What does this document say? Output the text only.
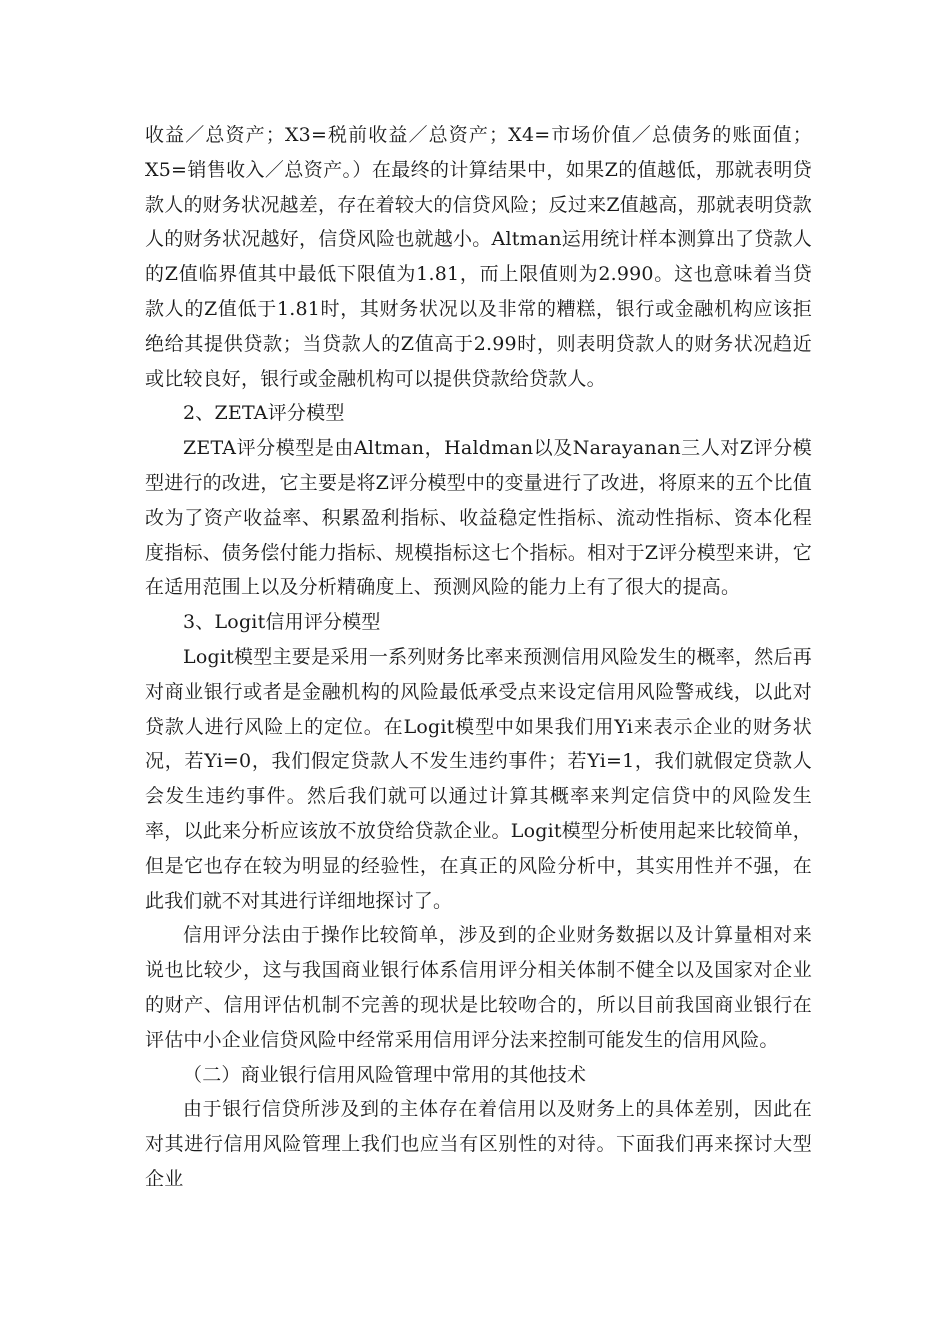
收益／总资产；X3=税前收益／总资产；X4=市场价值／总债务的账面值；X5=销售收入／总资产。）在最终的计算结果中，如果Z的值越低，那就表明贷款人的财务状况越差，存在着较大的信贷风险；反过来Z值越高，那就表明贷款人的财务状况越好，信贷风险也就越小。Altman运用统计样本测算出了贷款人的Z值临界值其中最低下限值为1.81，而上限值则为2.990。这也意味着当贷款人的Z值低于1.81时，其财务状况以及非常的糟糕，银行或金融机构应该拒绝给其提供贷款；当贷款人的Z值高于2.99时，则表明贷款人的财务状况趋近或比较良好，银行或金融机构可以提供贷款给贷款人。

2、ZETA评分模型

ZETA评分模型是由Altman，Haldman以及Narayanan三人对Z评分模型进行的改进，它主要是将Z评分模型中的变量进行了改进，将原来的五个比值改为了资产收益率、积累盈利指标、收益稳定性指标、流动性指标、资本化程度指标、债务偿付能力指标、规模指标这七个指标。相对于Z评分模型来讲，它在适用范围上以及分析精确度上、预测风险的能力上有了很大的提高。

3、Logit信用评分模型

Logit模型主要是采用一系列财务比率来预测信用风险发生的概率，然后再对商业银行或者是金融机构的风险最低承受点来设定信用风险警戒线，以此对贷款人进行风险上的定位。在Logit模型中如果我们用Yi来表示企业的财务状况，若Yi=0，我们假定贷款人不发生违约事件；若Yi=1，我们就假定贷款人会发生违约事件。然后我们就可以通过计算其概率来判定信贷中的风险发生率，以此来分析应该放不放贷给贷款企业。Logit模型分析使用起来比较简单，但是它也存在较为明显的经验性，在真正的风险分析中，其实用性并不强，在此我们就不对其进行详细地探讨了。

信用评分法由于操作比较简单，涉及到的企业财务数据以及计算量相对来说也比较少，这与我国商业银行体系信用评分相关体制不健全以及国家对企业的财产、信用评估机制不完善的现状是比较吻合的，所以目前我国商业银行在评估中小企业信贷风险中经常采用信用评分法来控制可能发生的信用风险。

（二）商业银行信用风险管理中常用的其他技术

由于银行信贷所涉及到的主体存在着信用以及财务上的具体差别，因此在对其进行信用风险管理上我们也应当有区别性的对待。下面我们再来探讨大型企业
